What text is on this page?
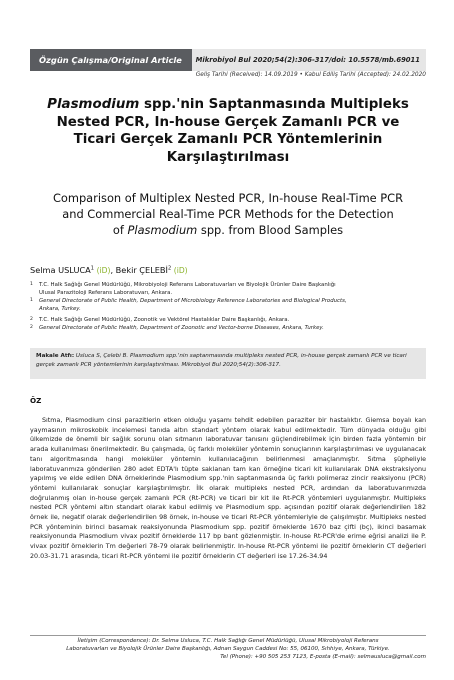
Özgün Çalışma/Original Article	Mikrobiyol Bul 2020;54(2):306-317/doi: 10.5578/mb.69011
Geliş Tarihi (Received): 14.09.2019 • Kabul Ediliş Tarihi (Accepted): 24.02.2020
Plasmodium spp.'nin Saptanmasında Multipleks
Nested PCR, In-house Gerçek Zamanlı PCR ve
Ticari Gerçek Zamanlı PCR Yöntemlerinin
Karşılaştırılması
Comparison of Multiplex Nested PCR, In-house Real-Time PCR
and Commercial Real-Time PCR Methods for the Detection
of Plasmodium spp. from Blood Samples
Selma USLUCA$^1$ (iD), Bekir ÇELEBİ$^2$ (iD)
1	T.C. Halk Sağlığı Genel Müdürlüğü, Mikrobiyoloji Referans Laboratuvarları ve Biyolojik Ürünler Daire Başkanlığı
Ulusal Parazitoloji Referans Laboratuvarı, Ankara.
1	General Directorate of Public Health, Department of Microbiology Reference Laboratories and Biological Products,
Ankara, Turkey.
2	T.C. Halk Sağlığı Genel Müdürlüğü, Zoonotik ve Vektörel Hastalıklar Daire Başkanlığı, Ankara.
2	General Directorate of Public Health, Department of Zoonotic and Vector-borne Diseases, Ankara, Turkey.
Makale Atfı: Usluca S, Çelebi B. Plasmodium spp.'nin saptanmasında multipleks nested PCR, in-house gerçek zamanlı PCR ve ticari gerçek zamanlı PCR yöntemlerinin karşılaştırılması. Mikrobiyol Bul 2020;54(2):306-317.
ÖZ
Sıtma, Plasmodium cinsi parazitlerin etken olduğu yaşamı tehdit edebilen paraziter bir hastalıktır. Giemsa boyalı kan yaymasının mikroskobik incelemesi tanıda altın standart yöntem olarak kabul edilmektedir. Tüm dünyada olduğu gibi ülkemizde de önemli bir sağlık sorunu olan sıtmanın laboratuvar tanısını güçlendirebilmek için birden fazla yöntemin bir arada kullanılması önerilmektedir. Bu çalışmada, üç farklı moleküler yöntemin sonuçlarının karşılaştırılması ve uygulanacak tanı algoritmasında hangi moleküler yöntemin kullanılacağının belirlenmesi amaçlanmıştır. Sıtma şüpheliyle laboratuvarımıza gönderilen 280 adet EDTA'lı tüpte saklanan tam kan örneğine ticari kit kullanılarak DNA ekstraksiyonu yapılmış ve elde edilen DNA örneklerinde Plasmodium spp.'nin saptanmasında üç farklı polimeraz zincir reaksiyonu (PCR) yöntemi kullanılarak sonuçlar karşılaştırılmıştır. İlk olarak multipleks nested PCR, ardından da laboratuvarımızda doğrulanmış olan in-house gerçek zamanlı PCR (Rt-PCR) ve ticari bir kit ile Rt-PCR yöntemleri uygulanmıştır. Multipleks nested PCR yöntemi altın standart olarak kabul edilmiş ve Plasmodium spp. açısından pozitif olarak değerlendirilen 182 örnek ile, negatif olarak değerlendirilen 98 örnek, in-house ve ticari Rt-PCR yöntemleriyle de çalışılmıştır. Multipleks nested PCR yönteminin birinci basamak reaksiyonunda Plasmodium spp. pozitif örneklerde 1670 baz çifti (bç), ikinci basamak reaksiyonunda Plasmodium vivax pozitif örneklerde 117 bp bant gözlenmiştir. In-house Rt-PCR'de erime eğrisi analizi ile P. vivax pozitif örneklerin Tm değerleri 78-79 olarak belirlenmiştir. In-house Rt-PCR yöntemi ile pozitif örneklerin CT değerleri 20.03-31.71 arasında, ticari Rt-PCR yöntemi ile pozitif örneklerin CT değerleri ise 17.26-34.94
İletişim (Correspondence): Dr. Selma Usluca, T.C. Halk Sağlığı Genel Müdürlüğü, Ulusal Mikrobiyoloji Referans
Laboratuvarları ve Biyolojik Ürünler Daire Başkanlığı, Adnan Saygun Caddesi No: 55, 06100, Sıhhiye, Ankara, Türkiye.
Tel (Phone): +90 505 253 7123, E-posta (E-mail): selmausluca@gmail.com
